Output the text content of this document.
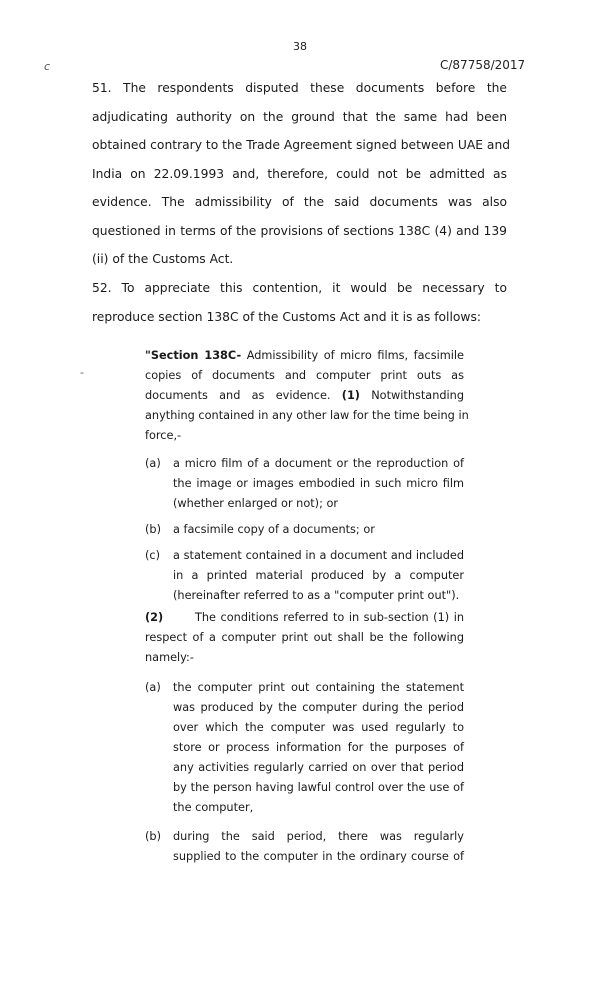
38
C/87758/2017
c
-
51. The respondents disputed these documents before the
adjudicating authority on the ground that the same had been
obtained contrary to the Trade Agreement signed between UAE and
India on 22.09.1993 and, therefore, could not be admitted as
evidence. The admissibility of the said documents was also
questioned in terms of the provisions of sections 138C (4) and 139
(ii) of the Customs Act.
52. To appreciate this contention, it would be necessary to
reproduce section 138C of the Customs Act and it is as follows:
"Section 138C- Admissibility of micro films, facsimile
copies of documents and computer print outs as
documents and as evidence. (1) Notwithstanding
anything contained in any other law for the time being in
force,-
(a) a micro film of a document or the reproduction of
the image or images embodied in such micro film
(whether enlarged or not); or
(b) a facsimile copy of a documents; or
(c) a statement contained in a document and included
in a printed material produced by a computer
(hereinafter referred to as a "computer print out").
(2)	The conditions referred to in sub-section (1) in
respect of a computer print out shall be the following
namely:-
(a) the computer print out containing the statement
was produced by the computer during the period
over which the computer was used regularly to
store or process information for the purposes of
any activities regularly carried on over that period
by the person having lawful control over the use of
the computer,
(b) during the said period, there was regularly
supplied to the computer in the ordinary course of
